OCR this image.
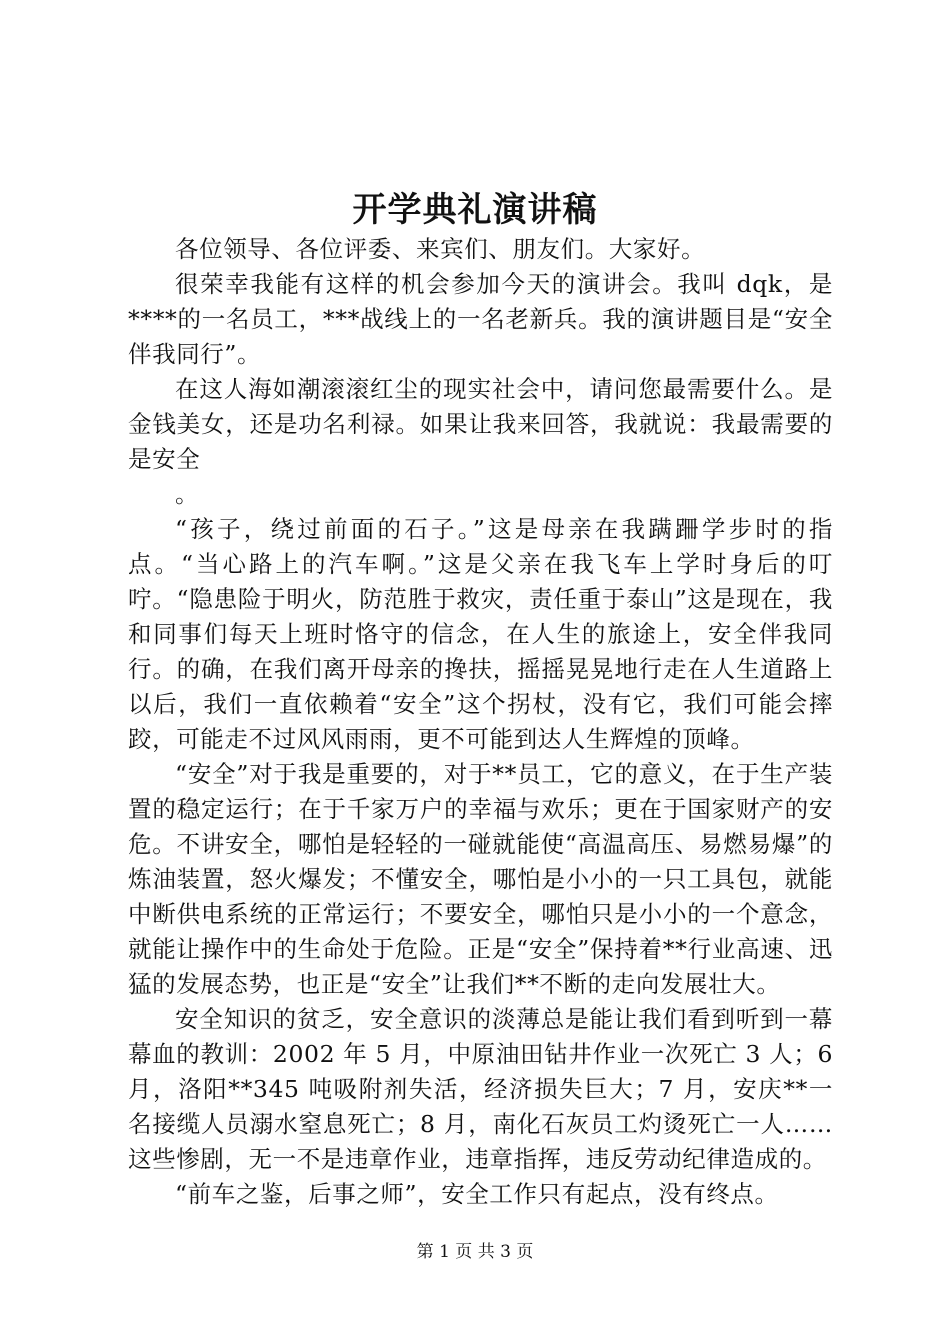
开学典礼演讲稿

各位领导、各位评委、来宾们、朋友们。大家好。

很荣幸我能有这样的机会参加今天的演讲会。我叫 dqk，是****的一名员工，***战线上的一名老新兵。我的演讲题目是“安全伴我同行”。

在这人海如潮滚滚红尘的现实社会中，请问您最需要什么。是金钱美女，还是功名利禄。如果让我来回答，我就说：我最需要的是安全

。

“孩子，绕过前面的石子。”这是母亲在我蹒跚学步时的指点。“当心路上的汽车啊。”这是父亲在我飞车上学时身后的叮咛。“隐患险于明火，防范胜于救灾，责任重于泰山”这是现在，我和同事们每天上班时恪守的信念，在人生的旅途上，安全伴我同行。的确，在我们离开母亲的搀扶，摇摇晃晃地行走在人生道路上以后，我们一直依赖着“安全”这个拐杖，没有它，我们可能会摔跤，可能走不过风风雨雨，更不可能到达人生辉煌的顶峰。

“安全”对于我是重要的，对于**员工，它的意义，在于生产装置的稳定运行；在于千家万户的幸福与欢乐；更在于国家财产的安危。不讲安全，哪怕是轻轻的一碰就能使“高温高压、易燃易爆”的炼油装置，怒火爆发；不懂安全，哪怕是小小的一只工具包，就能中断供电系统的正常运行；不要安全，哪怕只是小小的一个意念，就能让操作中的生命处于危险。正是“安全”保持着**行业高速、迅猛的发展态势，也正是“安全”让我们**不断的走向发展壮大。

安全知识的贫乏，安全意识的淡薄总是能让我们看到听到一幕幕血的教训：2002 年 5 月，中原油田钻井作业一次死亡 3 人；6 月，洛阳**345 吨吸附剂失活，经济损失巨大；7 月，安庆**一名接缆人员溺水窒息死亡；8 月，南化石灰员工灼烫死亡一人……这些惨剧，无一不是违章作业，违章指挥，违反劳动纪律造成的。

“前车之鉴，后事之师”，安全工作只有起点，没有终点。

第 1 页 共 3 页
